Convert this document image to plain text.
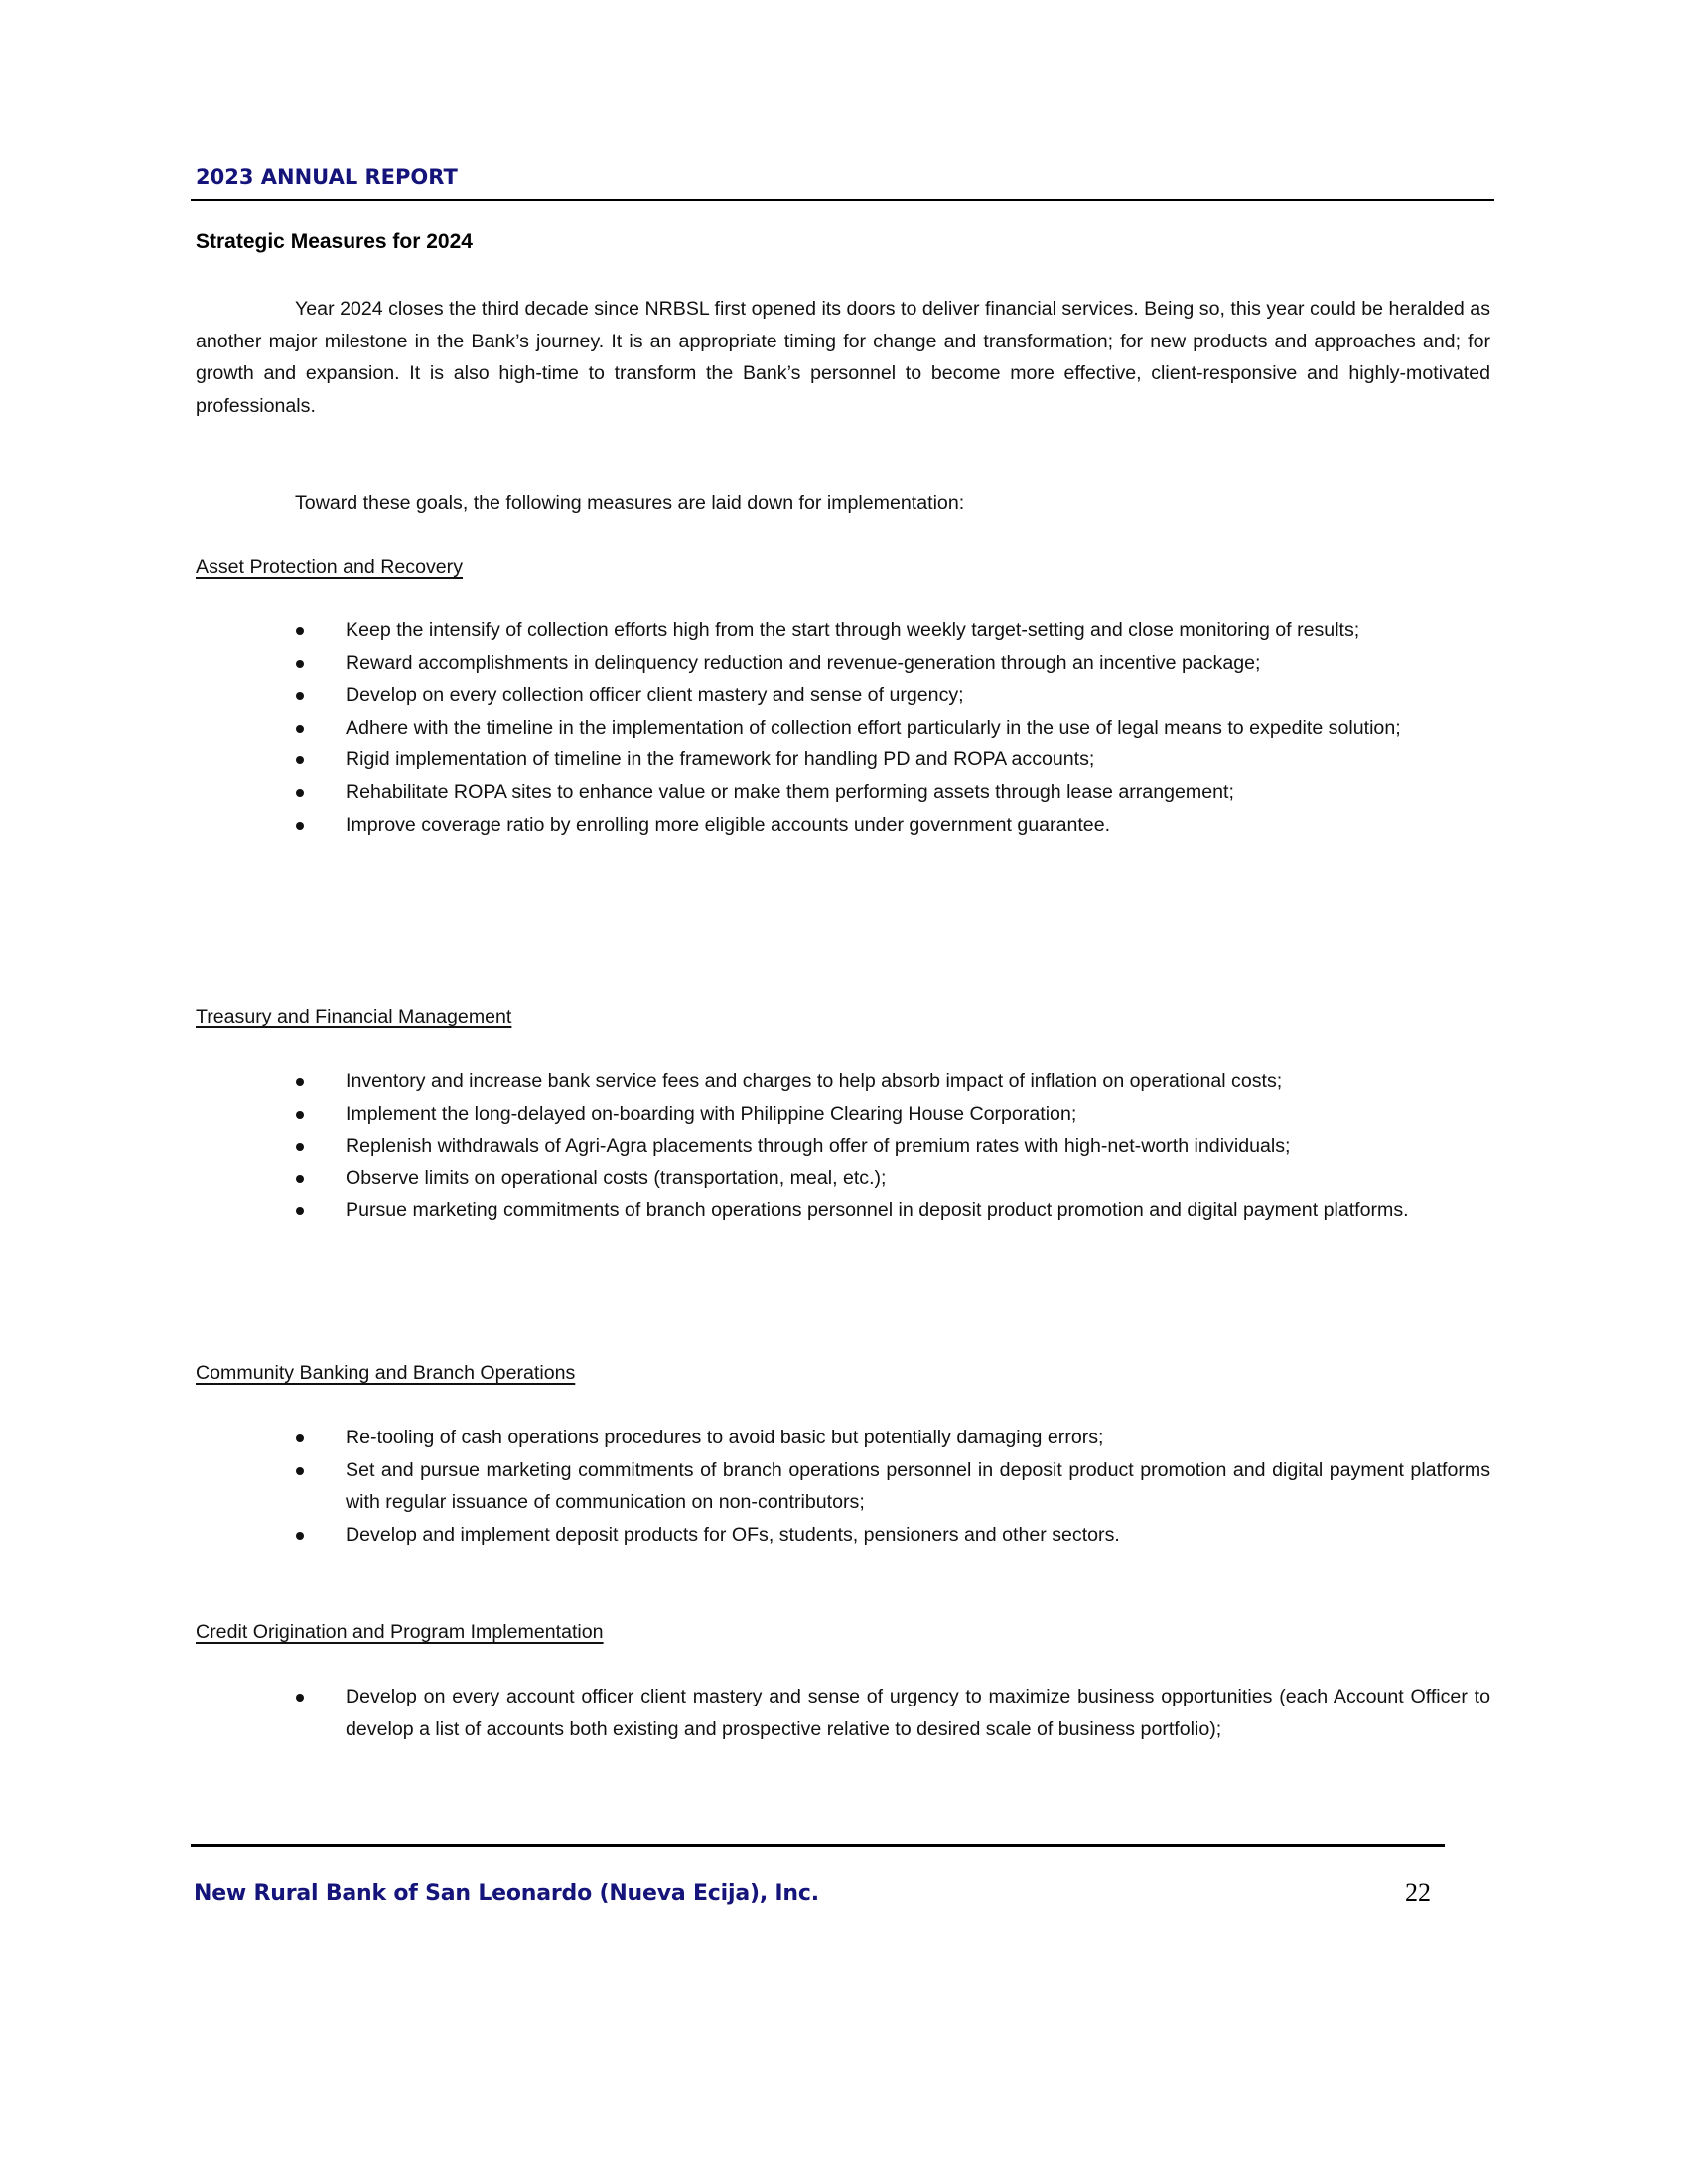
2023 ANNUAL REPORT
Strategic Measures for 2024

Year 2024 closes the third decade since NRBSL first opened its doors to deliver financial services. Being so, this year could be heralded as another major milestone in the Bank’s journey. It is an appropriate timing for change and transformation; for new products and approaches and; for growth and expansion. It is also high-time to transform the Bank’s personnel to become more effective, client-responsive and highly-motivated professionals.

Toward these goals, the following measures are laid down for implementation:

Asset Protection and Recovery

Keep the intensify of collection efforts high from the start through weekly target-setting and close monitoring of results;
Reward accomplishments in delinquency reduction and revenue-generation through an incentive package;
Develop on every collection officer client mastery and sense of urgency;
Adhere with the timeline in the implementation of collection effort particularly in the use of legal means to expedite solution;
Rigid implementation of timeline in the framework for handling PD and ROPA accounts;
Rehabilitate ROPA sites to enhance value or make them performing assets through lease arrangement;
Improve coverage ratio by enrolling more eligible accounts under government guarantee.

Treasury and Financial Management

Inventory and increase bank service fees and charges to help absorb impact of inflation on operational costs;
Implement the long-delayed on-boarding with Philippine Clearing House Corporation;
Replenish withdrawals of Agri-Agra placements through offer of premium rates with high-net-worth individuals;
Observe limits on operational costs (transportation, meal, etc.);
Pursue marketing commitments of branch operations personnel in deposit product promotion and digital payment platforms.

Community Banking and Branch Operations

Re-tooling of cash operations procedures to avoid basic but potentially damaging errors;
Set and pursue marketing commitments of branch operations personnel in deposit product promotion and digital payment platforms with regular issuance of communication on non-contributors;
Develop and implement deposit products for OFs, students, pensioners and other sectors.

Credit Origination and Program Implementation

Develop on every account officer client mastery and sense of urgency to maximize business opportunities (each Account Officer to develop a list of accounts both existing and prospective relative to desired scale of business portfolio);
New Rural Bank of San Leonardo (Nueva Ecija), Inc.	22
